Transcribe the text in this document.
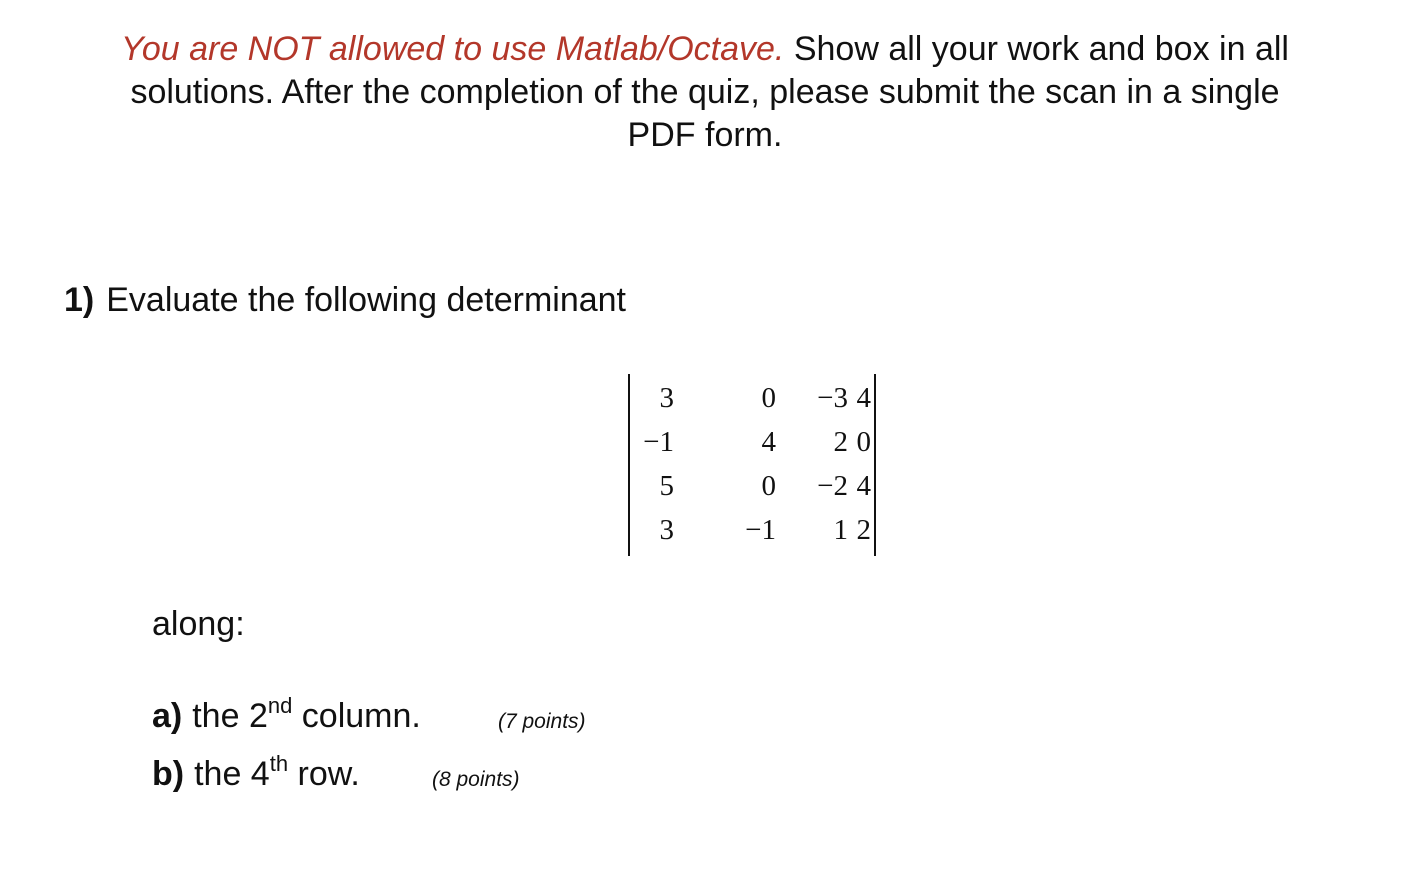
You are NOT allowed to use Matlab/Octave. Show all your work and box in all
solutions. After the completion of the quiz, please submit the scan in a single
PDF form.
1) Evaluate the following determinant
3	0	−3 4
−1	4	2 0
5	0	−2 4
3	−1	1 2
along:
a) the 2nd column.	(7 points)
b) the 4th row.	(8 points)
